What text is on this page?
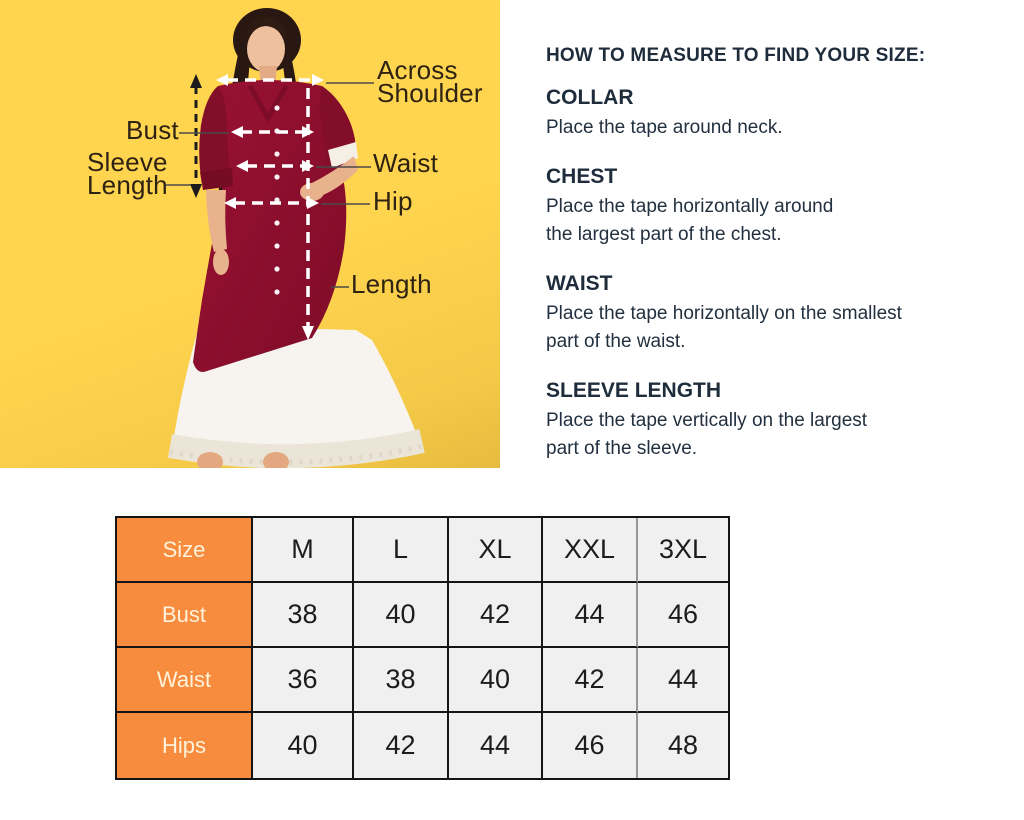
Across
Shoulder
Bust
Sleeve
Length
Waist
Hip
Length
HOW TO MEASURE TO FIND YOUR SIZE:
COLLAR
Place the tape around neck.
CHEST
Place the tape horizontally around
the largest part of the chest.
WAIST
Place the tape horizontally on the smallest
part of the waist.
SLEEVE LENGTH
Place the tape vertically on the largest
part of the sleeve.
Size	M	L	XL	XXL	3XL
Bust	38	40	42	44	46
Waist	36	38	40	42	44
Hips	40	42	44	46	48
